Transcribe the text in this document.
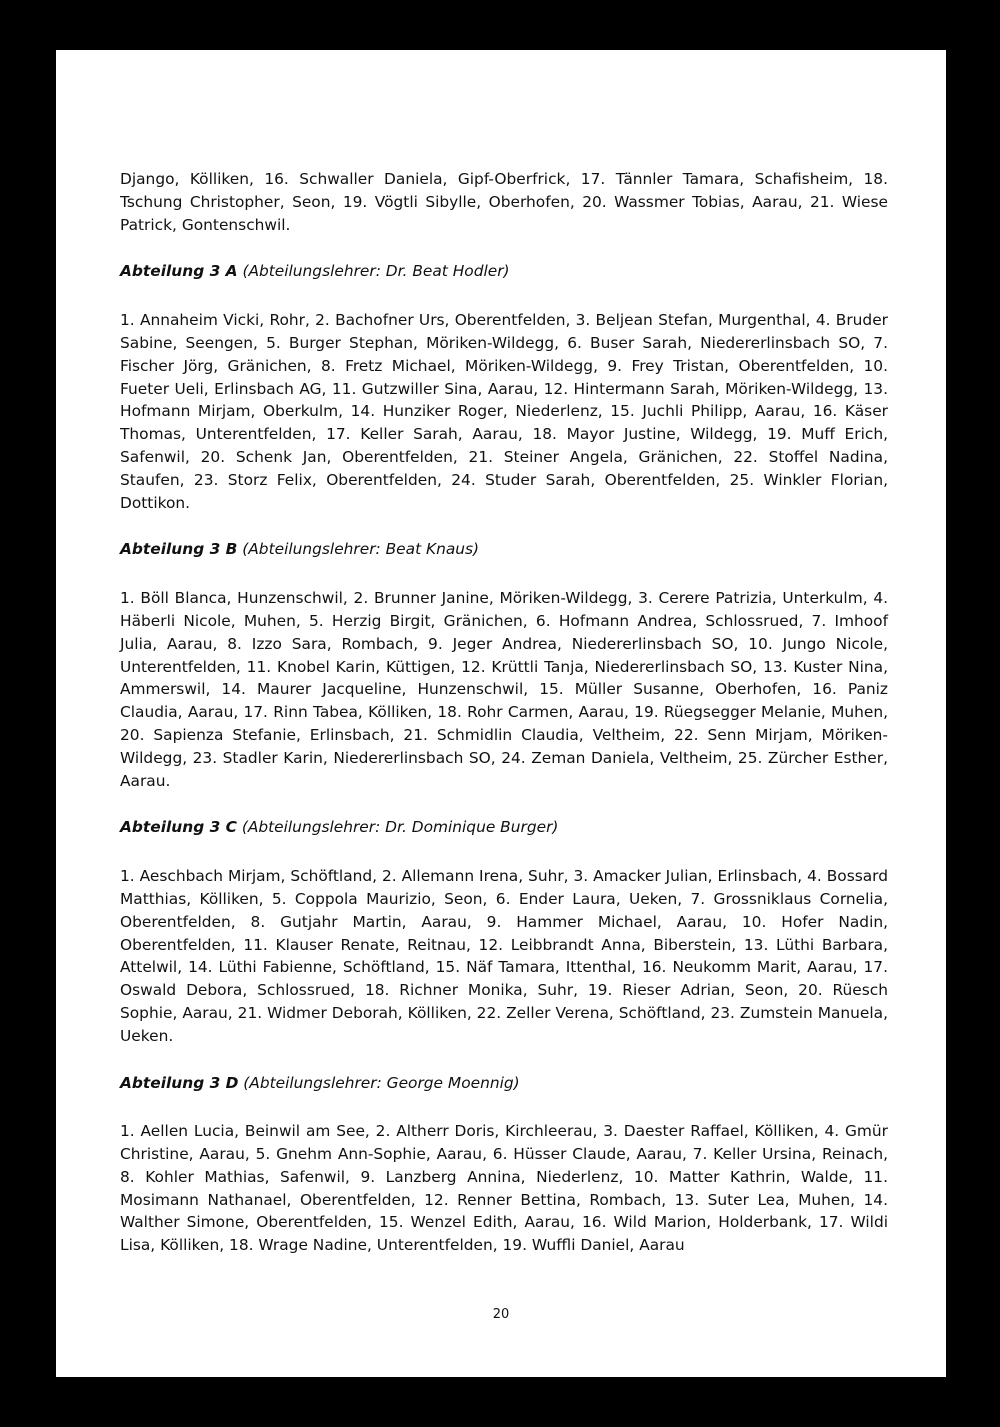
Django, Kölliken, 16. Schwaller Daniela, Gipf-Oberfrick, 17. Tännler Tamara, Schafisheim, 18. Tschung Christopher, Seon, 19. Vögtli Sibylle, Oberhofen, 20. Wassmer Tobias, Aarau, 21. Wiese Patrick, Gontenschwil.

Abteilung 3 A (Abteilungslehrer: Dr. Beat Hodler)

1. Annaheim Vicki, Rohr, 2. Bachofner Urs, Oberentfelden, 3. Beljean Stefan, Murgenthal, 4. Bruder Sabine, Seengen, 5. Burger Stephan, Möriken-Wildegg, 6. Buser Sarah, Niedererlinsbach SO, 7. Fischer Jörg, Gränichen, 8. Fretz Michael, Möriken-Wildegg, 9. Frey Tristan, Oberentfelden, 10. Fueter Ueli, Erlinsbach AG, 11. Gutzwiller Sina, Aarau, 12. Hintermann Sarah, Möriken-Wildegg, 13. Hofmann Mirjam, Oberkulm, 14. Hunziker Roger, Niederlenz, 15. Juchli Philipp, Aarau, 16. Käser Thomas, Unterentfelden, 17. Keller Sarah, Aarau, 18. Mayor Justine, Wildegg, 19. Muff Erich, Safenwil, 20. Schenk Jan, Oberentfelden, 21. Steiner Angela, Gränichen, 22. Stoffel Nadina, Staufen, 23. Storz Felix, Oberentfelden, 24. Studer Sarah, Oberentfelden, 25. Winkler Florian, Dottikon.

Abteilung 3 B (Abteilungslehrer: Beat Knaus)

1. Böll Blanca, Hunzenschwil, 2. Brunner Janine, Möriken-Wildegg, 3. Cerere Patrizia, Unterkulm, 4. Häberli Nicole, Muhen, 5. Herzig Birgit, Gränichen, 6. Hofmann Andrea, Schlossrued, 7. Imhoof Julia, Aarau, 8. Izzo Sara, Rombach, 9. Jeger Andrea, Niedererlinsbach SO, 10. Jungo Nicole, Unterentfelden, 11. Knobel Karin, Küttigen, 12. Krüttli Tanja, Niedererlinsbach SO, 13. Kuster Nina, Ammerswil, 14. Maurer Jacqueline, Hunzenschwil, 15. Müller Susanne, Oberhofen, 16. Paniz Claudia, Aarau, 17. Rinn Tabea, Kölliken, 18. Rohr Carmen, Aarau, 19. Rüegsegger Melanie, Muhen, 20. Sapienza Stefanie, Erlinsbach, 21. Schmidlin Claudia, Veltheim, 22. Senn Mirjam, Möriken-Wildegg, 23. Stadler Karin, Niedererlinsbach SO, 24. Zeman Daniela, Veltheim, 25. Zürcher Esther, Aarau.

Abteilung 3 C (Abteilungslehrer: Dr. Dominique Burger)

1. Aeschbach Mirjam, Schöftland, 2. Allemann Irena, Suhr, 3. Amacker Julian, Erlinsbach, 4. Bossard Matthias, Kölliken, 5. Coppola Maurizio, Seon, 6. Ender Laura, Ueken, 7. Grossniklaus Cornelia, Oberentfelden, 8. Gutjahr Martin, Aarau, 9. Hammer Michael, Aarau, 10. Hofer Nadin, Oberentfelden, 11. Klauser Renate, Reitnau, 12. Leibbrandt Anna, Biberstein, 13. Lüthi Barbara, Attelwil, 14. Lüthi Fabienne, Schöftland, 15. Näf Tamara, Ittenthal, 16. Neukomm Marit, Aarau, 17. Oswald Debora, Schlossrued, 18. Richner Monika, Suhr, 19. Rieser Adrian, Seon, 20. Rüesch Sophie, Aarau, 21. Widmer Deborah, Kölliken, 22. Zeller Verena, Schöftland, 23. Zumstein Manuela, Ueken.

Abteilung 3 D (Abteilungslehrer: George Moennig)

1. Aellen Lucia, Beinwil am See, 2. Altherr Doris, Kirchleerau, 3. Daester Raffael, Kölliken, 4. Gmür Christine, Aarau, 5. Gnehm Ann-Sophie, Aarau, 6. Hüsser Claude, Aarau, 7. Keller Ursina, Reinach, 8. Kohler Mathias, Safenwil, 9. Lanzberg Annina, Niederlenz, 10. Matter Kathrin, Walde, 11. Mosimann Nathanael, Oberentfelden, 12. Renner Bettina, Rombach, 13. Suter Lea, Muhen, 14. Walther Simone, Oberentfelden, 15. Wenzel Edith, Aarau, 16. Wild Marion, Holderbank, 17. Wildi Lisa, Kölliken, 18. Wrage Nadine, Unterentfelden, 19. Wuffli Daniel, Aarau

20
